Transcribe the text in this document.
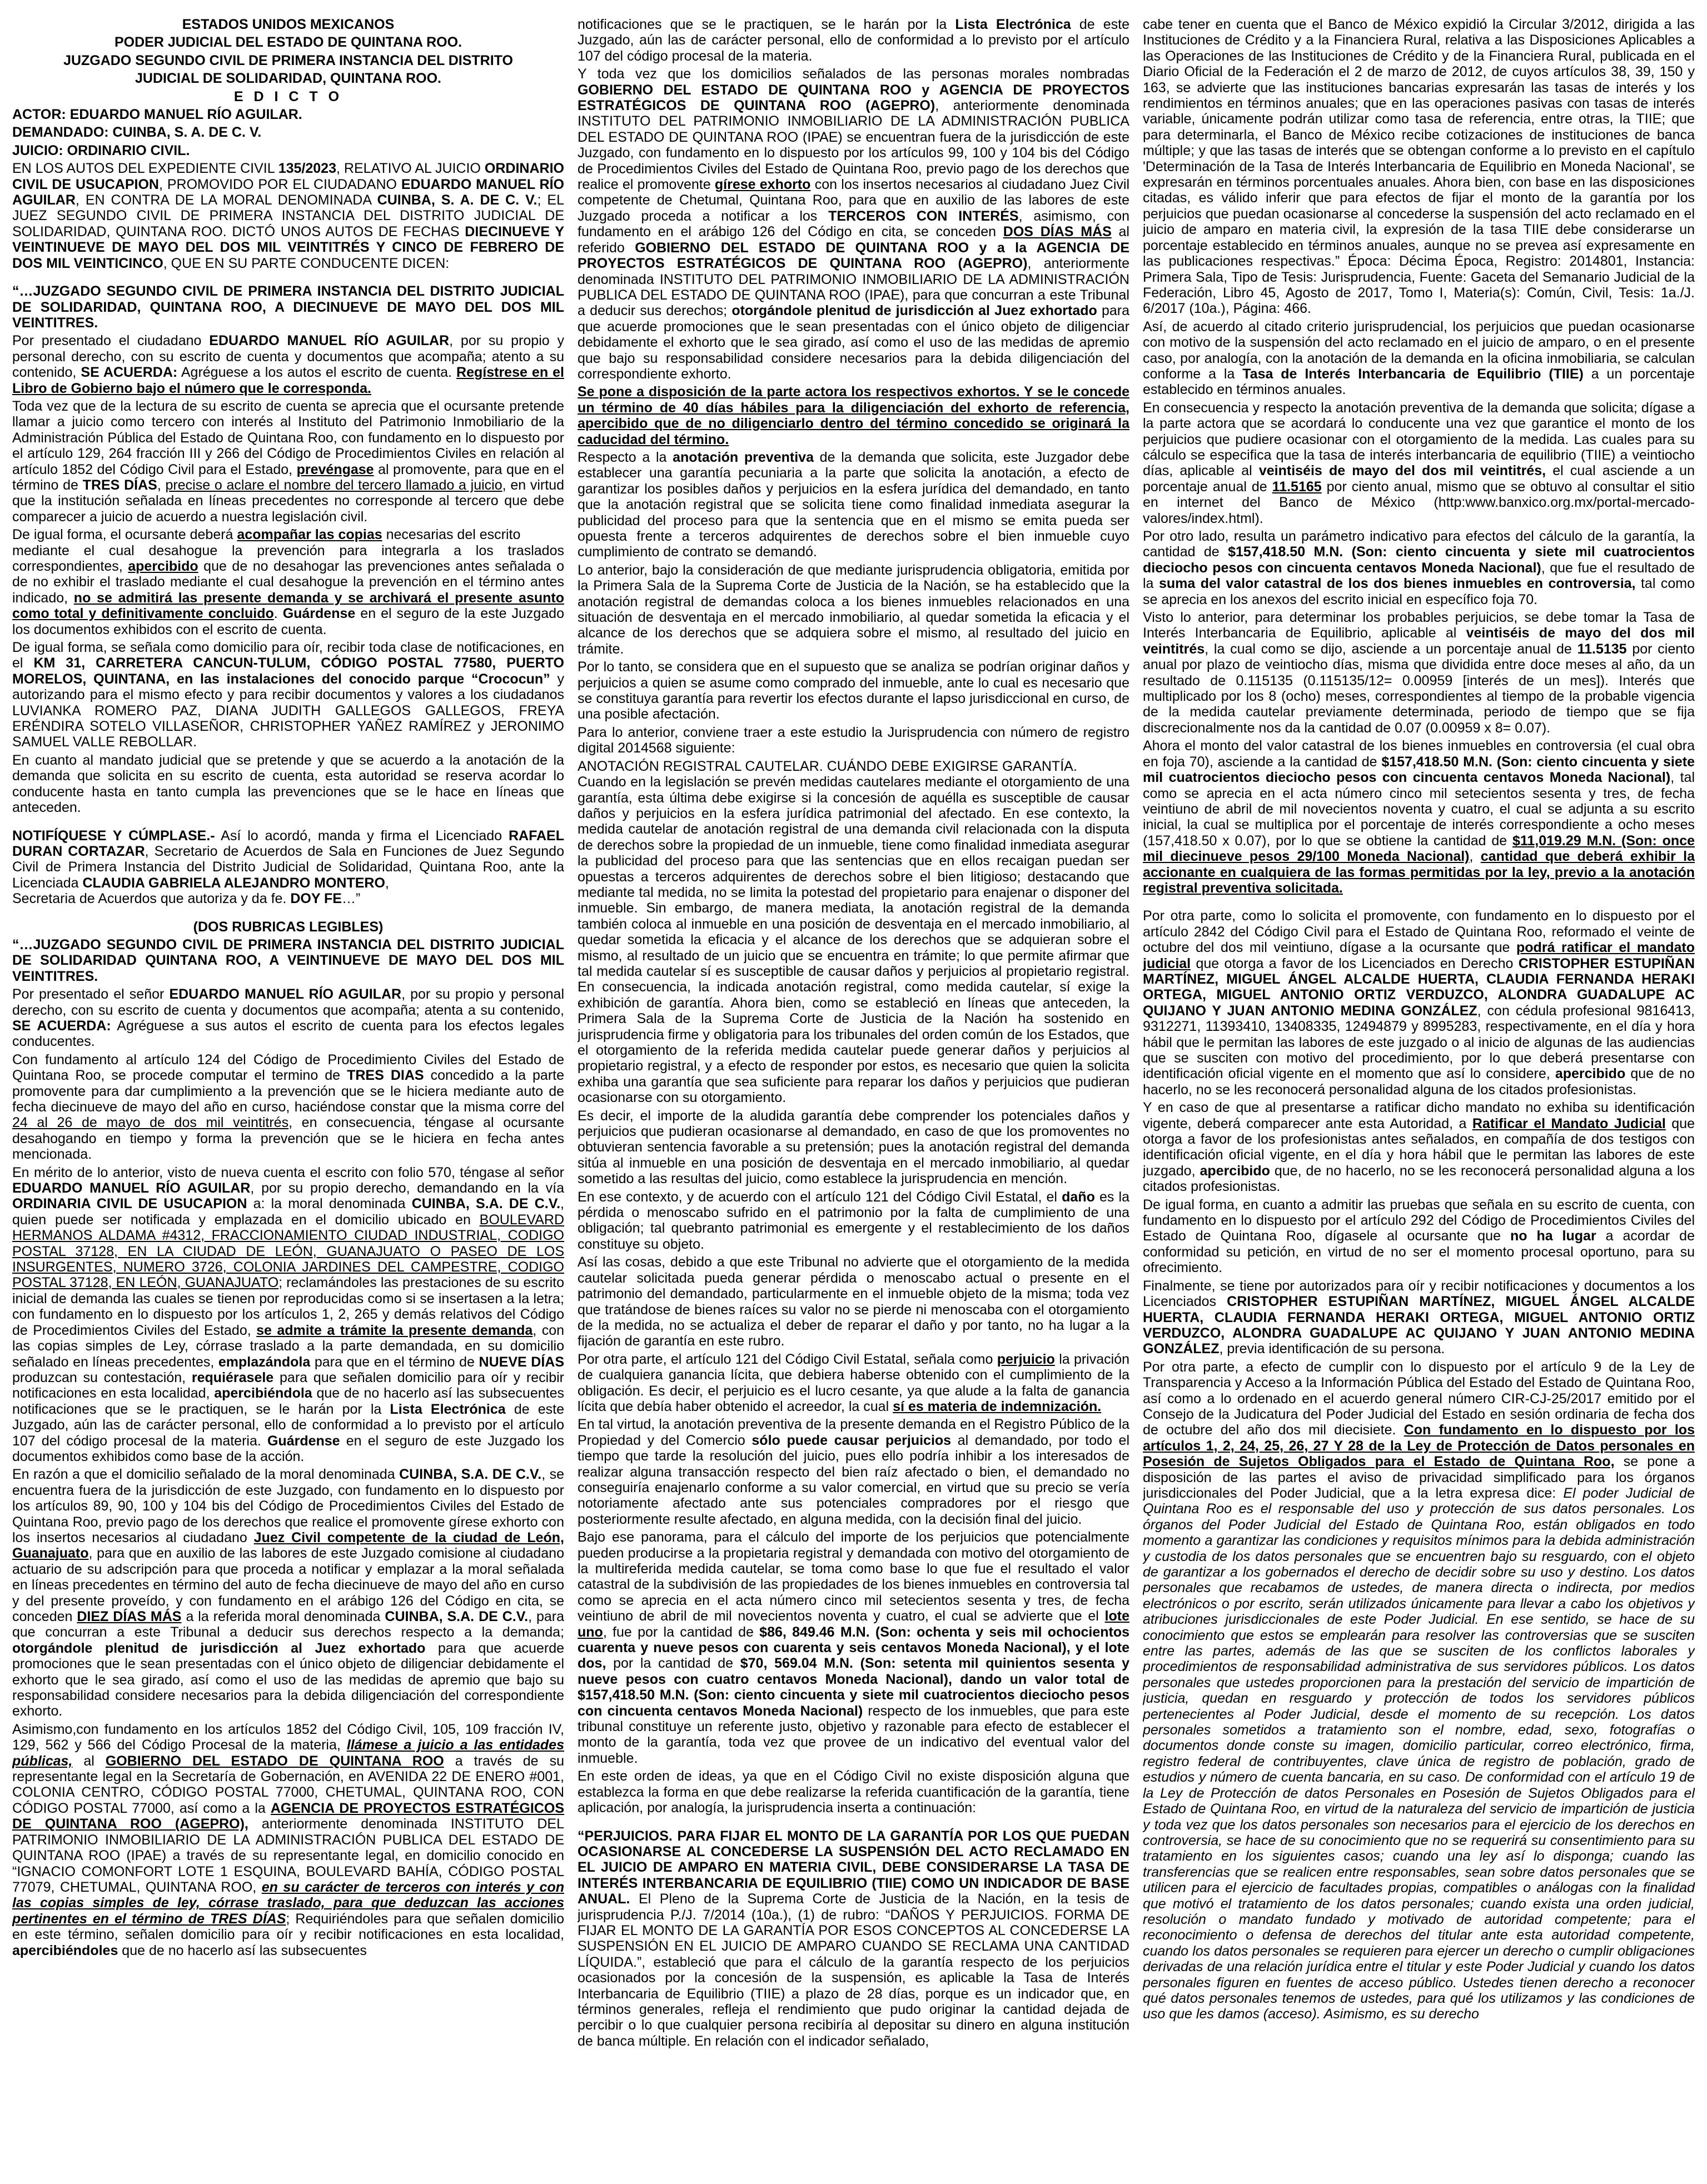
ESTADOS UNIDOS MEXICANOS

PODER JUDICIAL DEL ESTADO DE QUINTANA ROO.

JUZGADO SEGUNDO CIVIL DE PRIMERA INSTANCIA DEL DISTRITO

JUDICIAL DE SOLIDARIDAD, QUINTANA ROO.

E D I C T O

ACTOR: EDUARDO MANUEL RÍO AGUILAR.

DEMANDADO: CUINBA, S. A. DE C. V.

JUICIO: ORDINARIO CIVIL.

EN LOS AUTOS DEL EXPEDIENTE CIVIL 135/2023, RELATIVO AL JUICIO ORDINARIO CIVIL DE USUCAPION, PROMOVIDO POR EL CIUDADANO EDUARDO MANUEL RÍO AGUILAR, EN CONTRA DE LA MORAL DENOMINADA CUINBA, S. A. DE C. V.; EL JUEZ SEGUNDO CIVIL DE PRIMERA INSTANCIA DEL DISTRITO JUDICIAL DE SOLIDARIDAD, QUINTANA ROO. DICTÓ UNOS AUTOS DE FECHAS DIECINUEVE Y VEINTINUEVE DE MAYO DEL DOS MIL VEINTITRÉS Y CINCO DE FEBRERO DE DOS MIL VEINTICINCO, QUE EN SU PARTE CONDUCENTE DICEN:

“…JUZGADO SEGUNDO CIVIL DE PRIMERA INSTANCIA DEL DISTRITO JUDICIAL DE SOLIDARIDAD, QUINTANA ROO, A DIECINUEVE DE MAYO DEL DOS MIL VEINTITRES.

Por presentado el ciudadano EDUARDO MANUEL RÍO AGUILAR, por su propio y personal derecho, con su escrito de cuenta y documentos que acompaña; atento a su contenido, SE ACUERDA: Agréguese a los autos el escrito de cuenta. Regístrese en el Libro de Gobierno bajo el número que le corresponda.

Toda vez que de la lectura de su escrito de cuenta se aprecia que el ocursante pretende llamar a juicio como tercero con interés al Instituto del Patrimonio Inmobiliario de la Administración Pública del Estado de Quintana Roo, con fundamento en lo dispuesto por el artículo 129, 264 fracción III y 266 del Código de Procedimientos Civiles en relación al artículo 1852 del Código Civil para el Estado, prevéngase al promovente, para que en el término de TRES DÍAS, precise o aclare el nombre del tercero llamado a juicio, en virtud que la institución señalada en líneas precedentes no corresponde al tercero que debe comparecer a juicio de acuerdo a nuestra legislación civil.

De igual forma, el ocursante deberá acompañar las copias necesarias del escrito
mediante el cual desahogue la prevención para integrarla a los traslados correspondientes, apercibido que de no desahogar las prevenciones antes señalada o de no exhibir el traslado mediante el cual desahogue la prevención en el término antes indicado, no se admitirá las presente demanda y se archivará el presente asunto como total y definitivamente concluido. Guárdense en el seguro de la este Juzgado los documentos exhibidos con el escrito de cuenta.

De igual forma, se señala como domicilio para oír, recibir toda clase de notificaciones, en el KM 31, CARRETERA CANCUN-TULUM, CÓDIGO POSTAL 77580, PUERTO MORELOS, QUINTANA, en las instalaciones del conocido parque “Crococun” y autorizando para el mismo efecto y para recibir documentos y valores a los ciudadanos LUVIANKA ROMERO PAZ, DIANA JUDITH GALLEGOS GALLEGOS, FREYA ERÉNDIRA SOTELO VILLASEÑOR, CHRISTOPHER YAÑEZ RAMÍREZ y JERONIMO SAMUEL VALLE REBOLLAR.

En cuanto al mandato judicial que se pretende y que se acuerdo a la anotación de la demanda que solicita en su escrito de cuenta, esta autoridad se reserva acordar lo conducente hasta en tanto cumpla las prevenciones que se le hace en líneas que anteceden.

NOTIFÍQUESE Y CÚMPLASE.- Así lo acordó, manda y firma el Licenciado RAFAEL DURAN CORTAZAR, Secretario de Acuerdos de Sala en Funciones de Juez Segundo Civil de Primera Instancia del Distrito Judicial de Solidaridad, Quintana Roo, ante la Licenciada CLAUDIA GABRIELA ALEJANDRO MONTERO,
Secretaria de Acuerdos que autoriza y da fe. DOY FE…”

(DOS RUBRICAS LEGIBLES)

“…JUZGADO SEGUNDO CIVIL DE PRIMERA INSTANCIA DEL DISTRITO JUDICIAL DE SOLIDARIDAD QUINTANA ROO, A VEINTINUEVE DE MAYO DEL DOS MIL VEINTITRES.

Por presentado el señor EDUARDO MANUEL RÍO AGUILAR, por su propio y personal derecho, con su escrito de cuenta y documentos que acompaña; atenta a su contenido, SE ACUERDA: Agréguese a sus autos el escrito de cuenta para los efectos legales conducentes.

Con fundamento al artículo 124 del Código de Procedimiento Civiles del Estado de Quintana Roo, se procede computar el termino de TRES DIAS concedido a la parte promovente para dar cumplimiento a la prevención que se le hiciera mediante auto de fecha diecinueve de mayo del año en curso, haciéndose constar que la misma corre del 24 al 26 de mayo de dos mil veintitrés, en consecuencia, téngase al ocursante desahogando en tiempo y forma la prevención que se le hiciera en fecha antes mencionada.

En mérito de lo anterior, visto de nueva cuenta el escrito con folio 570, téngase al señor EDUARDO MANUEL RÍO AGUILAR, por su propio derecho, demandando en la vía ORDINARIA CIVIL DE USUCAPION a: la moral denominada CUINBA, S.A. DE C.V., quien puede ser notificada y emplazada en el domicilio ubicado en BOULEVARD HERMANOS ALDAMA #4312, FRACCIONAMIENTO CIUDAD INDUSTRIAL, CODIGO POSTAL 37128, EN LA CIUDAD DE LEÓN, GUANAJUATO O PASEO DE LOS INSURGENTES, NUMERO 3726, COLONIA JARDINES DEL CAMPESTRE, CODIGO POSTAL 37128, EN LEÓN, GUANAJUATO; reclamándoles las prestaciones de su escrito inicial de demanda las cuales se tienen por reproducidas como si se insertasen a la letra; con fundamento en lo dispuesto por los artículos 1, 2, 265 y demás relativos del Código de Procedimientos Civiles del Estado, se admite a trámite la presente demanda, con las copias simples de Ley, córrase traslado a la parte demandada, en su domicilio señalado en líneas precedentes, emplazándola para que en el término de NUEVE DÍAS produzcan su contestación, requiérasele para que señalen domicilio para oír y recibir notificaciones en esta localidad, apercibiéndola que de no hacerlo así las subsecuentes notificaciones que se le practiquen, se le harán por la Lista Electrónica de este Juzgado, aún las de carácter personal, ello de conformidad a lo previsto por el artículo 107 del código procesal de la materia. Guárdense en el seguro de este Juzgado los documentos exhibidos como base de la acción.

En razón a que el domicilio señalado de la moral denominada CUINBA, S.A. DE C.V., se encuentra fuera de la jurisdicción de este Juzgado, con fundamento en lo dispuesto por los artículos 89, 90, 100 y 104 bis del Código de Procedimientos Civiles del Estado de Quintana Roo, previo pago de los derechos que realice el promovente gírese exhorto con los insertos necesarios al ciudadano Juez Civil competente de la ciudad de León, Guanajuato, para que en auxilio de las labores de este Juzgado comisione al ciudadano actuario de su adscripción para que proceda a notificar y emplazar a la moral señalada en líneas precedentes en término del auto de fecha diecinueve de mayo del año en curso y del presente proveído, y con fundamento en el arábigo 126 del Código en cita, se conceden DIEZ DÍAS MÁS a la referida moral denominada CUINBA, S.A. DE C.V., para que concurran a este Tribunal a deducir sus derechos respecto a la demanda; otorgándole plenitud de jurisdicción al Juez exhortado para que acuerde promociones que le sean presentadas con el único objeto de diligenciar debidamente el exhorto que le sea girado, así como el uso de las medidas de apremio que bajo su responsabilidad considere necesarios para la debida diligenciación del correspondiente exhorto.

Asimismo,con fundamento en los artículos 1852 del Código Civil, 105, 109 fracción IV, 129, 562 y 566 del Código Procesal de la materia, llámese a juicio a las entidades públicas, al GOBIERNO DEL ESTADO DE QUINTANA ROO a través de su representante legal en la Secretaría de Gobernación, en AVENIDA 22 DE ENERO #001, COLONIA CENTRO, CÓDIGO POSTAL 77000, CHETUMAL, QUINTANA ROO, CON CÓDIGO POSTAL 77000, así como a la AGENCIA DE PROYECTOS ESTRATÉGICOS DE QUINTANA ROO (AGEPRO), anteriormente denominada INSTITUTO DEL PATRIMONIO INMOBILIARIO DE LA ADMINISTRACIÓN PUBLICA DEL ESTADO DE QUINTANA ROO (IPAE) a través de su representante legal, en domicilio conocido en “IGNACIO COMONFORT LOTE 1 ESQUINA, BOULEVARD BAHÍA, CÓDIGO POSTAL 77079, CHETUMAL, QUINTANA ROO, en su carácter de terceros con interés y con las copias simples de ley, córrase traslado, para que deduzcan las acciones pertinentes en el término de TRES DÍAS; Requiriéndoles para que señalen domicilio en este término, señalen domicilio para oír y recibir notificaciones en esta localidad, apercibiéndoles que de no hacerlo así las subsecuentes

notificaciones que se le practiquen, se le harán por la Lista Electrónica de este Juzgado, aún las de carácter personal, ello de conformidad a lo previsto por el artículo 107 del código procesal de la materia.

Y toda vez que los domicilios señalados de las personas morales nombradas GOBIERNO DEL ESTADO DE QUINTANA ROO y AGENCIA DE PROYECTOS ESTRATÉGICOS DE QUINTANA ROO (AGEPRO), anteriormente denominada INSTITUTO DEL PATRIMONIO INMOBILIARIO DE LA ADMINISTRACIÓN PUBLICA DEL ESTADO DE QUINTANA ROO (IPAE) se encuentran fuera de la jurisdicción de este Juzgado, con fundamento en lo dispuesto por los artículos 99, 100 y 104 bis del Código de Procedimientos Civiles del Estado de Quintana Roo, previo pago de los derechos que realice el promovente gírese exhorto con los insertos necesarios al ciudadano Juez Civil competente de Chetumal, Quintana Roo, para que en auxilio de las labores de este Juzgado proceda a notificar a los TERCEROS CON INTERÉS, asimismo, con fundamento en el arábigo 126 del Código en cita, se conceden DOS DÍAS MÁS al referido GOBIERNO DEL ESTADO DE QUINTANA ROO y a la AGENCIA DE PROYECTOS ESTRATÉGICOS DE QUINTANA ROO (AGEPRO), anteriormente denominada INSTITUTO DEL PATRIMONIO INMOBILIARIO DE LA ADMINISTRACIÓN PUBLICA DEL ESTADO DE QUINTANA ROO (IPAE), para que concurran a este Tribunal a deducir sus derechos; otorgándole plenitud de jurisdicción al Juez exhortado para que acuerde promociones que le sean presentadas con el único objeto de diligenciar debidamente el exhorto que le sea girado, así como el uso de las medidas de apremio que bajo su responsabilidad considere necesarios para la debida diligenciación del correspondiente exhorto.

Se pone a disposición de la parte actora los respectivos exhortos. Y se le concede un término de 40 días hábiles para la diligenciación del exhorto de referencia, apercibido que de no diligenciarlo dentro del término concedido se originará la caducidad del término.

Respecto a la anotación preventiva de la demanda que solicita, este Juzgador debe establecer una garantía pecuniaria a la parte que solicita la anotación, a efecto de garantizar los posibles daños y perjuicios en la esfera jurídica del demandado, en tanto que la anotación registral que se solicita tiene como finalidad inmediata asegurar la publicidad del proceso para que la sentencia que en el mismo se emita pueda ser opuesta frente a terceros adquirentes de derechos sobre el bien inmueble cuyo cumplimiento de contrato se demandó.

Lo anterior, bajo la consideración de que mediante jurisprudencia obligatoria, emitida por la Primera Sala de la Suprema Corte de Justicia de la Nación, se ha establecido que la anotación registral de demandas coloca a los bienes inmuebles relacionados en una situación de desventaja en el mercado inmobiliario, al quedar sometida la eficacia y el alcance de los derechos que se adquiera sobre el mismo, al resultado del juicio en trámite.

Por lo tanto, se considera que en el supuesto que se analiza se podrían originar daños y perjuicios a quien se asume como comprado del inmueble, ante lo cual es necesario que se constituya garantía para revertir los efectos durante el lapso jurisdiccional en curso, de una posible afectación.

Para lo anterior, conviene traer a este estudio la Jurisprudencia con número de registro digital 2014568 siguiente:

ANOTACIÓN REGISTRAL CAUTELAR. CUÁNDO DEBE EXIGIRSE GARANTÍA.

Cuando en la legislación se prevén medidas cautelares mediante el otorgamiento de una garantía, esta última debe exigirse si la concesión de aquélla es susceptible de causar daños y perjuicios en la esfera jurídica patrimonial del afectado. En ese contexto, la medida cautelar de anotación registral de una demanda civil relacionada con la disputa de derechos sobre la propiedad de un inmueble, tiene como finalidad inmediata asegurar la publicidad del proceso para que las sentencias que en ellos recaigan puedan ser opuestas a terceros adquirentes de derechos sobre el bien litigioso; destacando que mediante tal medida, no se limita la potestad del propietario para enajenar o disponer del inmueble. Sin embargo, de manera mediata, la anotación registral de la demanda también coloca al inmueble en una posición de desventaja en el mercado inmobiliario, al quedar sometida la eficacia y el alcance de los derechos que se adquieran sobre el mismo, al resultado de un juicio que se encuentra en trámite; lo que permite afirmar que tal medida cautelar sí es susceptible de causar daños y perjuicios al propietario registral. En consecuencia, la indicada anotación registral, como medida cautelar, sí exige la exhibición de garantía. Ahora bien, como se estableció en líneas que anteceden, la Primera Sala de la Suprema Corte de Justicia de la Nación ha sostenido en jurisprudencia firme y obligatoria para los tribunales del orden común de los Estados, que el otorgamiento de la referida medida cautelar puede generar daños y perjuicios al propietario registral, y a efecto de responder por estos, es necesario que quien la solicita exhiba una garantía que sea suficiente para reparar los daños y perjuicios que pudieran ocasionarse con su otorgamiento.

Es decir, el importe de la aludida garantía debe comprender los potenciales daños y perjuicios que pudieran ocasionarse al demandado, en caso de que los promoventes no obtuvieran sentencia favorable a su pretensión; pues la anotación registral del demanda sitúa al inmueble en una posición de desventaja en el mercado inmobiliario, al quedar sometido a las resultas del juicio, como establece la jurisprudencia en mención.

En ese contexto, y de acuerdo con el artículo 121 del Código Civil Estatal, el daño es la pérdida o menoscabo sufrido en el patrimonio por la falta de cumplimiento de una obligación; tal quebranto patrimonial es emergente y el restablecimiento de los daños constituye su objeto.

Así las cosas, debido a que este Tribunal no advierte que el otorgamiento de la medida cautelar solicitada pueda generar pérdida o menoscabo actual o presente en el patrimonio del demandado, particularmente en el inmueble objeto de la misma; toda vez que tratándose de bienes raíces su valor no se pierde ni menoscaba con el otorgamiento de la medida, no se actualiza el deber de reparar el daño y por tanto, no ha lugar a la fijación de garantía en este rubro.

Por otra parte, el artículo 121 del Código Civil Estatal, señala como perjuicio la privación de cualquiera ganancia lícita, que debiera haberse obtenido con el cumplimiento de la obligación. Es decir, el perjuicio es el lucro cesante, ya que alude a la falta de ganancia lícita que debía haber obtenido el acreedor, la cual sí es materia de indemnización.

En tal virtud, la anotación preventiva de la presente demanda en el Registro Público de la Propiedad y del Comercio sólo puede causar perjuicios al demandado, por todo el tiempo que tarde la resolución del juicio, pues ello podría inhibir a los interesados de realizar alguna transacción respecto del bien raíz afectado o bien, el demandado no conseguiría enajenarlo conforme a su valor comercial, en virtud que su precio se vería notoriamente afectado ante sus potenciales compradores por el riesgo que posteriormente resulte afectado, en alguna medida, con la decisión final del juicio.

Bajo ese panorama, para el cálculo del importe de los perjuicios que potencialmente pueden producirse a la propietaria registral y demandada con motivo del otorgamiento de la multireferida medida cautelar, se toma como base lo que fue el resultado el valor catastral de la subdivisión de las propiedades de los bienes inmuebles en controversia tal como se aprecia en el acta número cinco mil setecientos sesenta y tres, de fecha veintiuno de abril de mil novecientos noventa y cuatro, el cual se advierte que el lote uno, fue por la cantidad de $86, 849.46 M.N. (Son: ochenta y seis mil ochocientos cuarenta y nueve pesos con cuarenta y seis centavos Moneda Nacional), y el lote dos, por la cantidad de $70, 569.04 M.N. (Son: setenta mil quinientos sesenta y nueve pesos con cuatro centavos Moneda Nacional), dando un valor total de $157,418.50 M.N. (Son: ciento cincuenta y siete mil cuatrocientos dieciocho pesos con cincuenta centavos Moneda Nacional) respecto de los inmuebles, que para este tribunal constituye un referente justo, objetivo y razonable para efecto de establecer el monto de la garantía, toda vez que provee de un indicativo del eventual valor del inmueble.

En este orden de ideas, ya que en el Código Civil no existe disposición alguna que establezca la forma en que debe realizarse la referida cuantificación de la garantía, tiene aplicación, por analogía, la jurisprudencia inserta a continuación:

“PERJUICIOS. PARA FIJAR EL MONTO DE LA GARANTÍA POR LOS QUE PUEDAN OCASIONARSE AL CONCEDERSE LA SUSPENSIÓN DEL ACTO RECLAMADO EN EL JUICIO DE AMPARO EN MATERIA CIVIL, DEBE CONSIDERARSE LA TASA DE INTERÉS INTERBANCARIA DE EQUILIBRIO (TIIE) COMO UN INDICADOR DE BASE ANUAL. El Pleno de la Suprema Corte de Justicia de la Nación, en la tesis de jurisprudencia P./J. 7/2014 (10a.), (1) de rubro: “DAÑOS Y PERJUICIOS. FORMA DE FIJAR EL MONTO DE LA GARANTÍA POR ESOS CONCEPTOS AL CONCEDERSE LA SUSPENSIÓN EN EL JUICIO DE AMPARO CUANDO SE RECLAMA UNA CANTIDAD LÍQUIDA.”, estableció que para el cálculo de la garantía respecto de los perjuicios ocasionados por la concesión de la suspensión, es aplicable la Tasa de Interés Interbancaria de Equilibrio (TIIE) a plazo de 28 días, porque es un indicador que, en términos generales, refleja el rendimiento que pudo originar la cantidad dejada de percibir o lo que cualquier persona recibiría al depositar su dinero en alguna institución de banca múltiple. En relación con el indicador señalado,

cabe tener en cuenta que el Banco de México expidió la Circular 3/2012, dirigida a las Instituciones de Crédito y a la Financiera Rural, relativa a las Disposiciones Aplicables a las Operaciones de las Instituciones de Crédito y de la Financiera Rural, publicada en el Diario Oficial de la Federación el 2 de marzo de 2012, de cuyos artículos 38, 39, 150 y 163, se advierte que las instituciones bancarias expresarán las tasas de interés y los rendimientos en términos anuales; que en las operaciones pasivas con tasas de interés variable, únicamente podrán utilizar como tasa de referencia, entre otras, la TIIE; que para determinarla, el Banco de México recibe cotizaciones de instituciones de banca múltiple; y que las tasas de interés que se obtengan conforme a lo previsto en el capítulo 'Determinación de la Tasa de Interés Interbancaria de Equilibrio en Moneda Nacional', se expresarán en términos porcentuales anuales. Ahora bien, con base en las disposiciones citadas, es válido inferir que para efectos de fijar el monto de la garantía por los perjuicios que puedan ocasionarse al concederse la suspensión del acto reclamado en el juicio de amparo en materia civil, la expresión de la tasa TIIE debe considerarse un porcentaje establecido en términos anuales, aunque no se prevea así expresamente en las publicaciones respectivas.” Época: Décima Época, Registro: 2014801, Instancia: Primera Sala, Tipo de Tesis: Jurisprudencia, Fuente: Gaceta del Semanario Judicial de la Federación, Libro 45, Agosto de 2017, Tomo I, Materia(s): Común, Civil, Tesis: 1a./J. 6/2017 (10a.), Página: 466.

Así, de acuerdo al citado criterio jurisprudencial, los perjuicios que puedan ocasionarse con motivo de la suspensión del acto reclamado en el juicio de amparo, o en el presente caso, por analogía, con la anotación de la demanda en la oficina inmobiliaria, se calculan conforme a la Tasa de Interés Interbancaria de Equilibrio (TIIE) a un porcentaje establecido en términos anuales.

En consecuencia y respecto la anotación preventiva de la demanda que solicita; dígase a la parte actora que se acordará lo conducente una vez que garantice el monto de los perjuicios que pudiere ocasionar con el otorgamiento de la medida. Las cuales para su cálculo se especifica que la tasa de interés interbancaria de equilibrio (TIIE) a veintiocho días, aplicable al veintiséis de mayo del dos mil veintitrés, el cual asciende a un porcentaje anual de 11.5165 por ciento anual, mismo que se obtuvo al consultar el sitio en internet del Banco de México (http:www.banxico.org.mx/portal-mercado-valores/index.html).

Por otro lado, resulta un parámetro indicativo para efectos del cálculo de la garantía, la cantidad de $157,418.50 M.N. (Son: ciento cincuenta y siete mil cuatrocientos dieciocho pesos con cincuenta centavos Moneda Nacional), que fue el resultado de la suma del valor catastral de los dos bienes inmuebles en controversia, tal como se aprecia en los anexos del escrito inicial en específico foja 70.

Visto lo anterior, para determinar los probables perjuicios, se debe tomar la Tasa de Interés Interbancaria de Equilibrio, aplicable al veintiséis de mayo del dos mil veintitrés, la cual como se dijo, asciende a un porcentaje anual de 11.5135 por ciento anual por plazo de veintiocho días, misma que dividida entre doce meses al año, da un resultado de 0.115135 (0.115135/12= 0.00959 [interés de un mes]). Interés que multiplicado por los 8 (ocho) meses, correspondientes al tiempo de la probable vigencia de la medida cautelar previamente determinada, periodo de tiempo que se fija discrecionalmente nos da la cantidad de 0.07 (0.00959 x 8= 0.07).

Ahora el monto del valor catastral de los bienes inmuebles en controversia (el cual obra en foja 70), asciende a la cantidad de $157,418.50 M.N. (Son: ciento cincuenta y siete mil cuatrocientos dieciocho pesos con cincuenta centavos Moneda Nacional), tal como se aprecia en el acta número cinco mil setecientos sesenta y tres, de fecha veintiuno de abril de mil novecientos noventa y cuatro, el cual se adjunta a su escrito inicial, la cual se multiplica por el porcentaje de interés correspondiente a ocho meses (157,418.50 x 0.07), por lo que se obtiene la cantidad de $11,019.29 M.N. (Son: once mil diecinueve pesos 29/100 Moneda Nacional), cantidad que deberá exhibir la accionante en cualquiera de las formas permitidas por la ley, previo a la anotación registral preventiva solicitada.

Por otra parte, como lo solicita el promovente, con fundamento en lo dispuesto por el artículo 2842 del Código Civil para el Estado de Quintana Roo, reformado el veinte de octubre del dos mil veintiuno, dígase a la ocursante que podrá ratificar el mandato judicial que otorga a favor de los Licenciados en Derecho CRISTOPHER ESTUPIÑAN MARTÍNEZ, MIGUEL ÁNGEL ALCALDE HUERTA, CLAUDIA FERNANDA HERAKI ORTEGA, MIGUEL ANTONIO ORTIZ VERDUZCO, ALONDRA GUADALUPE AC QUIJANO Y JUAN ANTONIO MEDINA GONZÁLEZ, con cédula profesional 9816413, 9312271, 11393410, 13408335, 12494879 y 8995283, respectivamente, en el día y hora hábil que le permitan las labores de este juzgado o al inicio de algunas de las audiencias que se susciten con motivo del procedimiento, por lo que deberá presentarse con identificación oficial vigente en el momento que así lo considere, apercibido que de no hacerlo, no se les reconocerá personalidad alguna de los citados profesionistas.

Y en caso de que al presentarse a ratificar dicho mandato no exhiba su identificación vigente, deberá comparecer ante esta Autoridad, a Ratificar el Mandato Judicial que otorga a favor de los profesionistas antes señalados, en compañía de dos testigos con identificación oficial vigente, en el día y hora hábil que le permitan las labores de este juzgado, apercibido que, de no hacerlo, no se les reconocerá personalidad alguna a los citados profesionistas.

De igual forma, en cuanto a admitir las pruebas que señala en su escrito de cuenta, con fundamento en lo dispuesto por el artículo 292 del Código de Procedimientos Civiles del Estado de Quintana Roo, dígasele al ocursante que no ha lugar a acordar de conformidad su petición, en virtud de no ser el momento procesal oportuno, para su ofrecimiento.

Finalmente, se tiene por autorizados para oír y recibir notificaciones y documentos a los Licenciados CRISTOPHER ESTUPIÑAN MARTÍNEZ, MIGUEL ÁNGEL ALCALDE HUERTA, CLAUDIA FERNANDA HERAKI ORTEGA, MIGUEL ANTONIO ORTIZ VERDUZCO, ALONDRA GUADALUPE AC QUIJANO Y JUAN ANTONIO MEDINA GONZÁLEZ, previa identificación de su persona.

Por otra parte, a efecto de cumplir con lo dispuesto por el artículo 9 de la Ley de Transparencia y Acceso a la Información Pública del Estado del Estado de Quintana Roo, así como a lo ordenado en el acuerdo general número CIR-CJ-25/2017 emitido por el Consejo de la Judicatura del Poder Judicial del Estado en sesión ordinaria de fecha dos de octubre del año dos mil diecisiete. Con fundamento en lo dispuesto por los artículos 1, 2, 24, 25, 26, 27 Y 28 de la Ley de Protección de Datos personales en Posesión de Sujetos Obligados para el Estado de Quintana Roo, se pone a disposición de las partes el aviso de privacidad simplificado para los órganos jurisdiccionales del Poder Judicial, que a la letra expresa dice: El poder Judicial de Quintana Roo es el responsable del uso y protección de sus datos personales. Los órganos del Poder Judicial del Estado de Quintana Roo, están obligados en todo momento a garantizar las condiciones y requisitos mínimos para la debida administración y custodia de los datos personales que se encuentren bajo su resguardo, con el objeto de garantizar a los gobernados el derecho de decidir sobre su uso y destino. Los datos personales que recabamos de ustedes, de manera directa o indirecta, por medios electrónicos o por escrito, serán utilizados únicamente para llevar a cabo los objetivos y atribuciones jurisdiccionales de este Poder Judicial. En ese sentido, se hace de su conocimiento que estos se emplearán para resolver las controversias que se susciten entre las partes, además de las que se susciten de los conflictos laborales y procedimientos de responsabilidad administrativa de sus servidores públicos. Los datos personales que ustedes proporcionen para la prestación del servicio de impartición de justicia, quedan en resguardo y protección de todos los servidores públicos pertenecientes al Poder Judicial, desde el momento de su recepción. Los datos personales sometidos a tratamiento son el nombre, edad, sexo, fotografías o documentos donde conste su imagen, domicilio particular, correo electrónico, firma, registro federal de contribuyentes, clave única de registro de población, grado de estudios y número de cuenta bancaria, en su caso. De conformidad con el artículo 19 de la Ley de Protección de datos Personales en Posesión de Sujetos Obligados para el Estado de Quintana Roo, en virtud de la naturaleza del servicio de impartición de justicia y toda vez que los datos personales son necesarios para el ejercicio de los derechos en controversia, se hace de su conocimiento que no se requerirá su consentimiento para su tratamiento en los siguientes casos; cuando una ley así lo disponga; cuando las transferencias que se realicen entre responsables, sean sobre datos personales que se utilicen para el ejercicio de facultades propias, compatibles o análogas con la finalidad que motivó el tratamiento de los datos personales; cuando exista una orden judicial, resolución o mandato fundado y motivado de autoridad competente; para el reconocimiento o defensa de derechos del titular ante esta autoridad competente, cuando los datos personales se requieren para ejercer un derecho o cumplir obligaciones derivadas de una relación jurídica entre el titular y este Poder Judicial y cuando los datos personales figuren en fuentes de acceso público. Ustedes tienen derecho a reconocer qué datos personales tenemos de ustedes, para qué los utilizamos y las condiciones de uso que les damos (acceso). Asimismo, es su derecho
